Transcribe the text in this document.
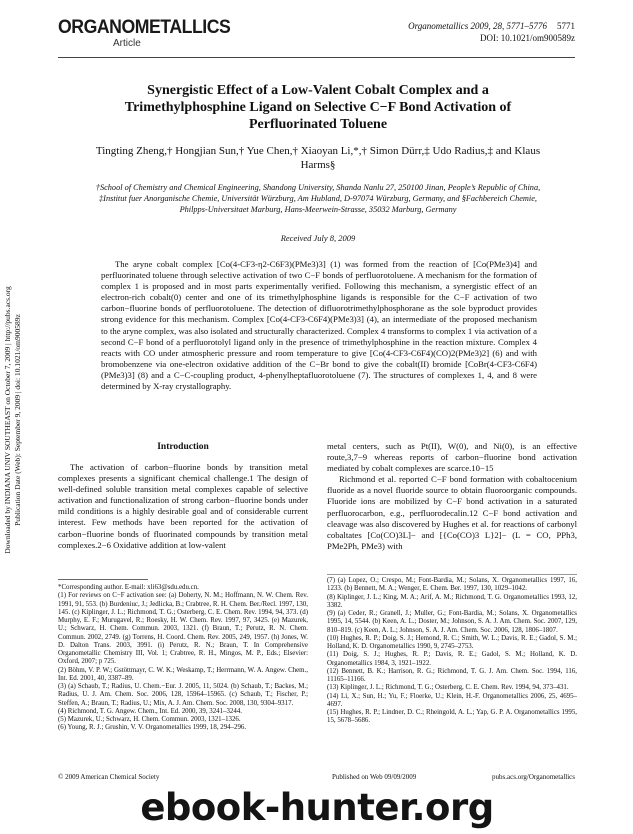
ORGANOMETALLICS
Article
Organometallics 2009, 28, 5771–5776 5771
DOI: 10.1021/om900589z
Synergistic Effect of a Low-Valent Cobalt Complex and a Trimethylphosphine Ligand on Selective C−F Bond Activation of Perfluorinated Toluene
Tingting Zheng,† Hongjian Sun,† Yue Chen,† Xiaoyan Li,*,† Simon Dürr,‡ Udo Radius,‡ and Klaus Harms§
†School of Chemistry and Chemical Engineering, Shandong University, Shanda Nanlu 27, 250100 Jinan, People’s Republic of China, ‡Institut fuer Anorganische Chemie, Universität Würzburg, Am Hubland, D-97074 Würzburg, Germany, and §Fachbereich Chemie, Philpps-Universitaet Marburg, Hans-Meerwein-Strasse, 35032 Marburg, Germany
Received July 8, 2009
The aryne cobalt complex [Co(4-CF3-η2-C6F3)(PMe3)3] (1) was formed from the reaction of [Co(PMe3)4] and perfluorinated toluene through selective activation of two C−F bonds of perfluorotoluene. A mechanism for the formation of complex 1 is proposed and in most parts experimentally verified. Following this mechanism, a synergistic effect of an electron-rich cobalt(0) center and one of its trimethylphosphine ligands is responsible for the C−F activation of two carbon−fluorine bonds of perfluorotoluene. The detection of difluorotrimethylphosphorane as the sole byproduct provides strong evidence for this mechanism. Complex [Co(4-CF3-C6F4)(PMe3)3] (4), an intermediate of the proposed mechanism to the aryne complex, was also isolated and structurally characterized. Complex 4 transforms to complex 1 via activation of a second C−F bond of a perfluorotolyl ligand only in the presence of trimethylphosphine in the reaction mixture. Complex 4 reacts with CO under atmospheric pressure and room temperature to give [Co(4-CF3-C6F4)(CO)2(PMe3)2] (6) and with bromobenzene via one-electron oxidative addition of the C−Br bond to give the cobalt(II) bromide [CoBr(4-CF3-C6F4)(PMe3)3] (8) and a C−C-coupling product, 4-phenylheptafluorotoluene (7). The structures of complexes 1, 4, and 8 were determined by X-ray crystallography.
Introduction

The activation of carbon−fluorine bonds by transition metal complexes presents a significant chemical challenge.1 The design of well-defined soluble transition metal complexes capable of selective activation and functionalization of strong carbon−fluorine bonds under mild conditions is a highly desirable goal and of considerable current interest. Few methods have been reported for the activation of carbon−fluorine bonds of fluorinated compounds by transition metal complexes.2−6 Oxidative addition at low-valent

metal centers, such as Pt(II), W(0), and Ni(0), is an effective route,3,7−9 whereas reports of carbon−fluorine bond activation mediated by cobalt complexes are scarce.10−15

Richmond et al. reported C−F bond formation with cobaltocenium fluoride as a novel fluoride source to obtain fluoroorganic compounds. Fluoride ions are mobilized by C−F bond activation in a saturated perfluorocarbon, e.g., perfluorodecalin.12 C−F bond activation and cleavage was also discovered by Hughes et al. for reactions of carbonyl cobaltates [Co(CO)3L]− and [{Co(CO)3 L}2]− (L = CO, PPh3, PMe2Ph, PMe3) with

*Corresponding author. E-mail: xli63@sdu.edu.cn.
(1) For reviews on C−F activation see: (a) Doherty, N. M.; Hoffmann, N. W. Chem. Rev. 1991, 91, 553. (b) Burdeniuc, J.; Jedlicka, B.; Crabtree, R. H. Chem. Ber./Recl. 1997, 130, 145. (c) Kiplinger, J. L.; Richmond, T. G.; Osterberg, C. E. Chem. Rev. 1994, 94, 373. (d) Murphy, E. F.; Murugavel, R.; Roesky, H. W. Chem. Rev. 1997, 97, 3425. (e) Mazurek, U.; Schwarz, H. Chem. Commun. 2003, 1321. (f) Braun, T.; Perutz, R. N. Chem. Commun. 2002, 2749. (g) Torrens, H. Coord. Chem. Rev. 2005, 249, 1957. (h) Jones, W. D. Dalton Trans. 2003, 3991. (i) Perutz, R. N.; Braun, T. In Comprehensive Organometallic Chemistry III, Vol. 1; Crabtree, R. H., Mingos, M. P., Eds.; Elsevier: Oxford, 2007; p 725.
(2) Böhm, V. P. W.; Gstöttmayr, C. W. K.; Weskamp, T.; Herrmann, W. A. Angew. Chem., Int. Ed. 2001, 40, 3387–89.
(3) (a) Schaub, T.; Radius, U. Chem.−Eur. J. 2005, 11, 5024. (b) Schaub, T.; Backes, M.; Radius, U. J. Am. Chem. Soc. 2006, 128, 15964–15965. (c) Schaub, T.; Fischer, P.; Steffen, A.; Braun, T.; Radius, U.; Mix, A. J. Am. Chem. Soc. 2008, 130, 9304–9317.
(4) Richmond, T. G. Angew. Chem., Int. Ed. 2000, 39, 3241–3244.
(5) Mazurek, U.; Schwarz, H. Chem. Commun. 2003, 1321–1326.
(6) Young, R. J.; Grushin, V. V. Organometallics 1999, 18, 294–296.
(7) (a) Lopez, O.; Crespo, M.; Font-Bardia, M.; Solans, X. Organometallics 1997, 16, 1233. (b) Bennett, M. A.; Wenger, E. Chem. Ber. 1997, 130, 1029–1042.
(8) Kiplinger, J. L.; King, M. A.; Arif, A. M.; Richmond, T. G. Organometallics 1993, 12, 3382.
(9) (a) Ceder, R.; Granell, J.; Muller, G.; Font-Bardia, M.; Solans, X. Organometallics 1995, 14, 5544. (b) Keen, A. L.; Doster, M.; Johnson, S. A. J. Am. Chem. Soc. 2007, 129, 810–819. (c) Keen, A. L.; Johnson, S. A. J. Am. Chem. Soc. 2006, 128, 1806–1807.
(10) Hughes, R. P.; Doig, S. J.; Hemond, R. C.; Smith, W. L.; Davis, R. E.; Gadol, S. M.; Holland, K. D. Organometallics 1990, 9, 2745–2753.
(11) Doig, S. J.; Hughes, R. P.; Davis, R. E.; Gadol, S. M.; Holland, K. D. Organometallics 1984, 3, 1921–1922.
(12) Bennett, B. K.; Harrison, R. G.; Richmond, T. G. J. Am. Chem. Soc. 1994, 116, 11165–11166.
(13) Kiplinger, J. L.; Richmond, T. G.; Osterberg, C. E. Chem. Rev. 1994, 94, 373–431.
(14) Li, X.; Sun, H.; Yu, F.; Floerke, U.; Klein, H.-F. Organometallics 2006, 25, 4695–4697.
(15) Hughes, R. P.; Lindner, D. C.; Rheingold, A. L.; Yap, G. P. A. Organometallics 1995, 15, 5678–5686.
© 2009 American Chemical Society	Published on Web 09/09/2009	pubs.acs.org/Organometallics
Downloaded by INDIANA UNIV SOUTHEAST on October 7, 2009 | http://pubs.acs.org Publication Date (Web): September 9, 2009 | doi: 10.1021/om900589z
ebook-hunter.org
